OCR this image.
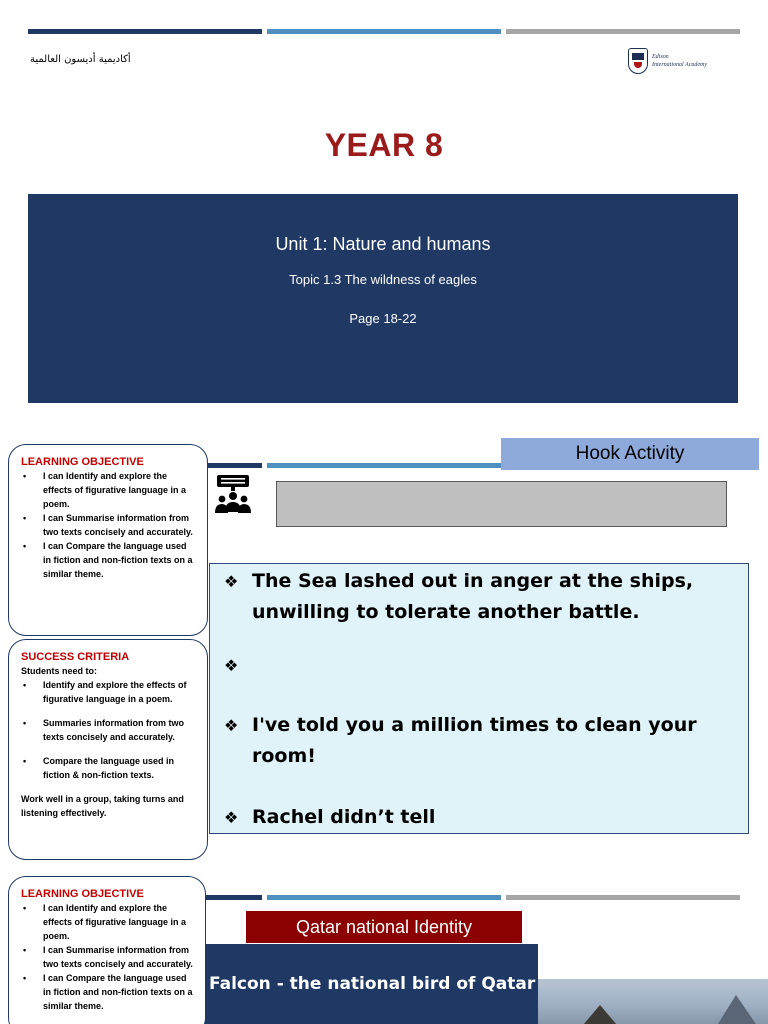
أكاديمية أديسون العالمية	Edison
International Academy
YEAR 8
Unit 1: Nature and humans
Topic 1.3 The wildness of eagles
Page 18-22
LEARNING OBJECTIVE
• I can Identify and explore the effects of figurative language in a poem.
• I can Summarise information from two texts concisely and accurately.
• I can Compare the language used in fiction and non-fiction texts on a similar theme.
Hook Activity
SUCCESS CRITERIA
Students need to:
• Identify and explore the effects of figurative language in a poem.
• Summaries information from two texts concisely and accurately.
• Compare the language used in fiction & non-fiction texts.
Work well in a group, taking turns and listening effectively.
❖ The Sea lashed out in anger at the ships, unwilling to tolerate another battle.
❖
❖ I've told you a million times to clean your room!
❖ Rachel didn’t tell
LEARNING OBJECTIVE
• I can Identify and explore the effects of figurative language in a poem.
• I can Summarise information from two texts concisely and accurately.
• I can Compare the language used in fiction and non-fiction texts on a similar theme.
Qatar national Identity
Falcon - the national bird of Qatar
